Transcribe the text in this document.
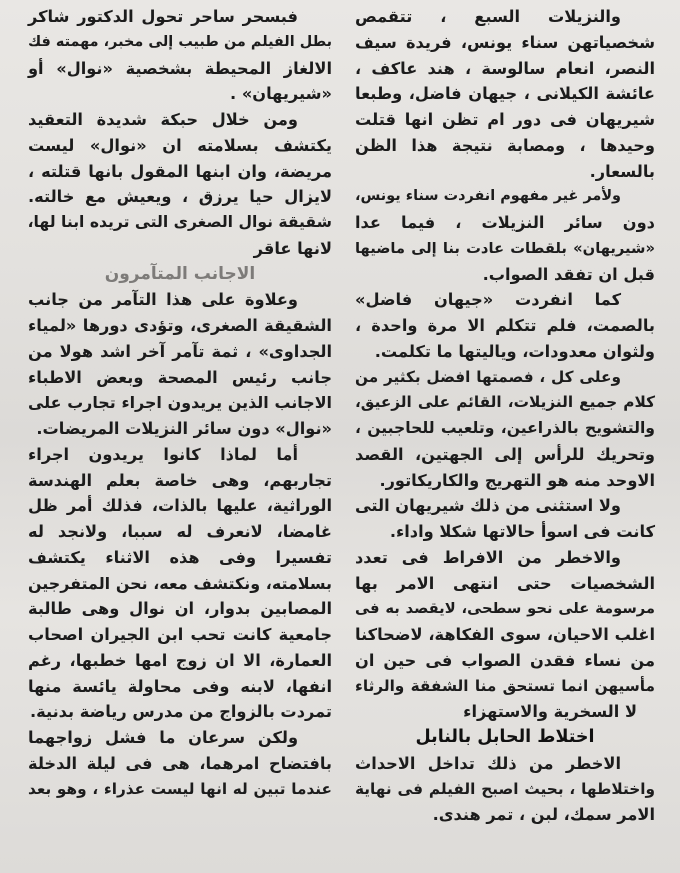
فبسحر ساحر تحول الدكتور شاكر
بطل الفيلم من طبيب إلى مخبر، مهمته فك
الالغاز المحيطة بشخصية «نوال» أو
«شيريهان» .
ومن خلال حبكة شديدة التعقيد
يكتشف بسلامته ان «نوال» ليست
مريضة، وان ابنها المقول بانها قتلته ،
لايزال حيا يرزق ، ويعيش مع خالته.
شقيقة نوال الصغرى التى تريده ابنا لها،
لانها عاقر
الاجانب المتآمرون
وعلاوة على هذا التآمر من جانب
الشقيقة الصغرى، وتؤدى دورها «لمياء
الجداوى» ، ثمة تآمر آخر اشد هولا من
جانب رئيس المصحة وبعض الاطباء
الاجانب الذين يريدون اجراء تجارب على
«نوال» دون سائر النزيلات المريضات.
أما لماذا كانوا يريدون اجراء
تجاربهم، وهى خاصة بعلم الهندسة
الوراثية، عليها بالذات، فذلك أمر ظل
غامضا، لانعرف له سببا، ولانجد له
تفسيرا وفى هذه الاثناء يكتشف
بسلامته، ونكتشف معه، نحن المتفرجين
المصابين بدوار، ان نوال وهى طالبة
جامعية كانت تحب ابن الجيران اصحاب
العمارة، الا ان زوج امها خطبها، رغم
انفها، لابنه وفى محاولة يائسة منها
تمردت بالزواج من مدرس رياضة بدنية.
ولكن سرعان ما فشل زواجهما
بافتضاح امرهما، هى فى ليلة الدخلة
عندما تبين له انها ليست عذراء ، وهو بعد
والنزيلات السبع ، تتقمص
شخصياتهن سناء يونس، فريدة سيف
النصر، انعام سالوسة ، هند عاكف ،
عائشة الكيلانى ، جيهان فاضل، وطبعا
شيريهان فى دور ام تظن انها قتلت
وحيدها ، ومصابة نتيجة هذا الظن
بالسعار.
ولأمر غير مفهوم انفردت سناء يونس،
دون سائر النزيلات ، فيما عدا
«شيريهان» بلقطات عادت بنا إلى ماضيها
قبل ان تفقد الصواب.
كما انفردت «جيهان فاضل»
بالصمت، فلم تتكلم الا مرة واحدة ،
ولثوان معدودات، وياليتها ما تكلمت.
وعلى كل ، فصمتها افضل بكثير من
كلام جميع النزيلات، القائم على الزعيق،
والتشويح بالذراعين، وتلعيب للحاجبين ،
وتحريك للرأس إلى الجهتين، القصد
الاوحد منه هو التهريج والكاريكاتور.
ولا استثنى من ذلك شيريهان التى
كانت فى اسوأ حالاتها شكلا واداء.
والاخطر من الافراط فى تعدد
الشخصيات حتى انتهى الامر بها
مرسومة على نحو سطحى، لايقصد به فى
اغلب الاحيان، سوى الفكاهة، لاضحاكنا
من نساء فقدن الصواب فى حين ان
مأسيهن انما تستحق منا الشفقة والرثاء
لا السخرية والاستهزاء
اختلاط الحابل بالنابل
الاخطر من ذلك تداخل الاحداث
واختلاطها ، بحيث اصبح الفيلم فى نهاية
الامر سمك، لبن ، تمر هندى.
